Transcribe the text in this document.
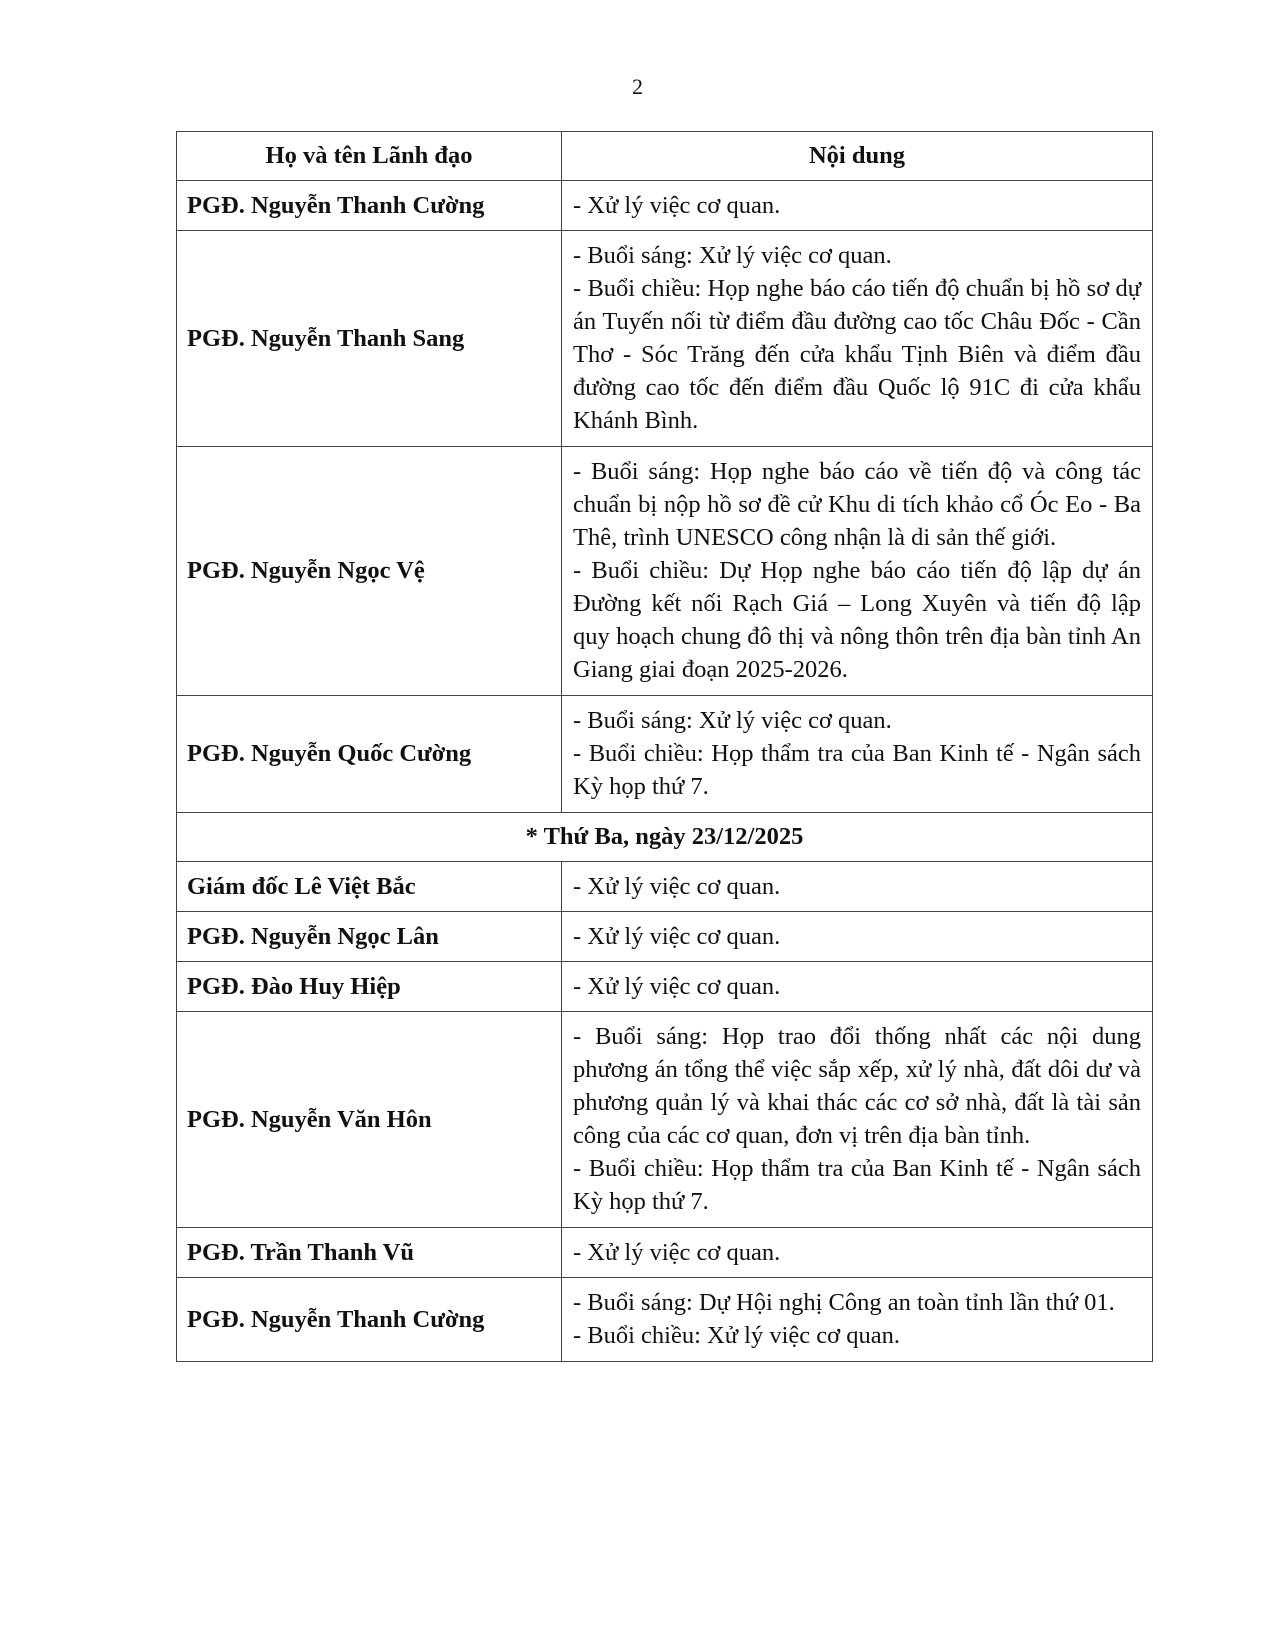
2
Họ và tên Lãnh đạo	Nội dung
PGĐ. Nguyễn Thanh Cường	- Xử lý việc cơ quan.

PGĐ. Nguyễn Thanh Sang	- Buổi sáng: Xử lý việc cơ quan.
- Buổi chiều: Họp nghe báo cáo tiến độ chuẩn bị hồ sơ dự án Tuyến nối từ điểm đầu đường cao tốc Châu Đốc - Cần Thơ - Sóc Trăng đến cửa khẩu Tịnh Biên và điểm đầu đường cao tốc đến điểm đầu Quốc lộ 91C đi cửa khẩu Khánh Bình.

PGĐ. Nguyễn Ngọc Vệ	- Buổi sáng: Họp nghe báo cáo về tiến độ và công tác chuẩn bị nộp hồ sơ đề cử Khu di tích khảo cổ Óc Eo - Ba Thê, trình UNESCO công nhận là di sản thế giới.
- Buổi chiều: Dự Họp nghe báo cáo tiến độ lập dự án Đường kết nối Rạch Giá – Long Xuyên và tiến độ lập quy hoạch chung đô thị và nông thôn trên địa bàn tỉnh An Giang giai đoạn 2025-2026.

PGĐ. Nguyễn Quốc Cường	- Buổi sáng: Xử lý việc cơ quan.
- Buổi chiều: Họp thẩm tra của Ban Kinh tế - Ngân sách Kỳ họp thứ 7.

* Thứ Ba, ngày 23/12/2025	
Giám đốc Lê Việt Bắc	- Xử lý việc cơ quan.

PGĐ. Nguyễn Ngọc Lân	- Xử lý việc cơ quan.

PGĐ. Đào Huy Hiệp	- Xử lý việc cơ quan.

PGĐ. Nguyễn Văn Hôn	- Buổi sáng: Họp trao đổi thống nhất các nội dung phương án tổng thể việc sắp xếp, xử lý nhà, đất dôi dư và phương quản lý và khai thác các cơ sở nhà, đất là tài sản công của các cơ quan, đơn vị trên địa bàn tỉnh.
- Buổi chiều: Họp thẩm tra của Ban Kinh tế - Ngân sách Kỳ họp thứ 7.

PGĐ. Trần Thanh Vũ	- Xử lý việc cơ quan.

PGĐ. Nguyễn Thanh Cường	- Buổi sáng: Dự Hội nghị Công an toàn tỉnh lần thứ 01.
- Buổi chiều: Xử lý việc cơ quan.
